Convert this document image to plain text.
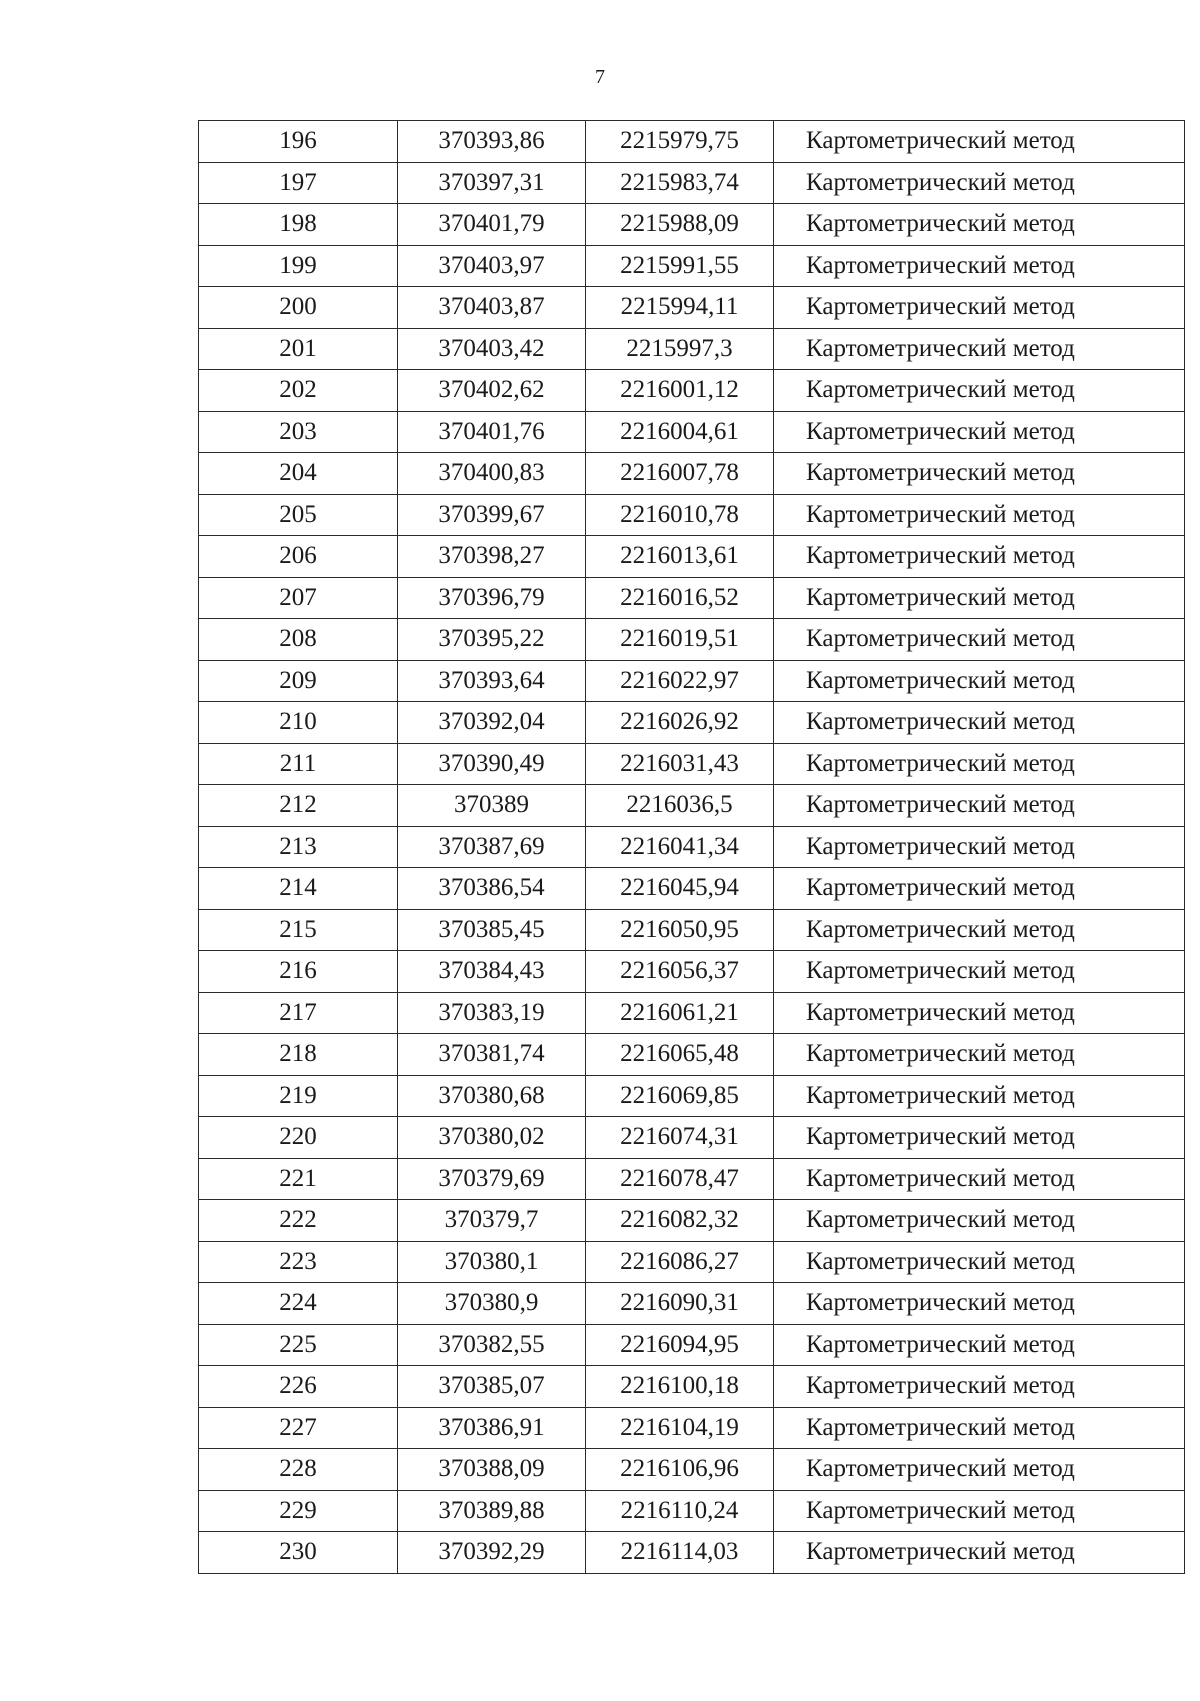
7
196	370393,86	2215979,75	Картометрический метод
197	370397,31	2215983,74	Картометрический метод
198	370401,79	2215988,09	Картометрический метод
199	370403,97	2215991,55	Картометрический метод
200	370403,87	2215994,11	Картометрический метод
201	370403,42	2215997,3	Картометрический метод
202	370402,62	2216001,12	Картометрический метод
203	370401,76	2216004,61	Картометрический метод
204	370400,83	2216007,78	Картометрический метод
205	370399,67	2216010,78	Картометрический метод
206	370398,27	2216013,61	Картометрический метод
207	370396,79	2216016,52	Картометрический метод
208	370395,22	2216019,51	Картометрический метод
209	370393,64	2216022,97	Картометрический метод
210	370392,04	2216026,92	Картометрический метод
211	370390,49	2216031,43	Картометрический метод
212	370389	2216036,5	Картометрический метод
213	370387,69	2216041,34	Картометрический метод
214	370386,54	2216045,94	Картометрический метод
215	370385,45	2216050,95	Картометрический метод
216	370384,43	2216056,37	Картометрический метод
217	370383,19	2216061,21	Картометрический метод
218	370381,74	2216065,48	Картометрический метод
219	370380,68	2216069,85	Картометрический метод
220	370380,02	2216074,31	Картометрический метод
221	370379,69	2216078,47	Картометрический метод
222	370379,7	2216082,32	Картометрический метод
223	370380,1	2216086,27	Картометрический метод
224	370380,9	2216090,31	Картометрический метод
225	370382,55	2216094,95	Картометрический метод
226	370385,07	2216100,18	Картометрический метод
227	370386,91	2216104,19	Картометрический метод
228	370388,09	2216106,96	Картометрический метод
229	370389,88	2216110,24	Картометрический метод
230	370392,29	2216114,03	Картометрический метод
